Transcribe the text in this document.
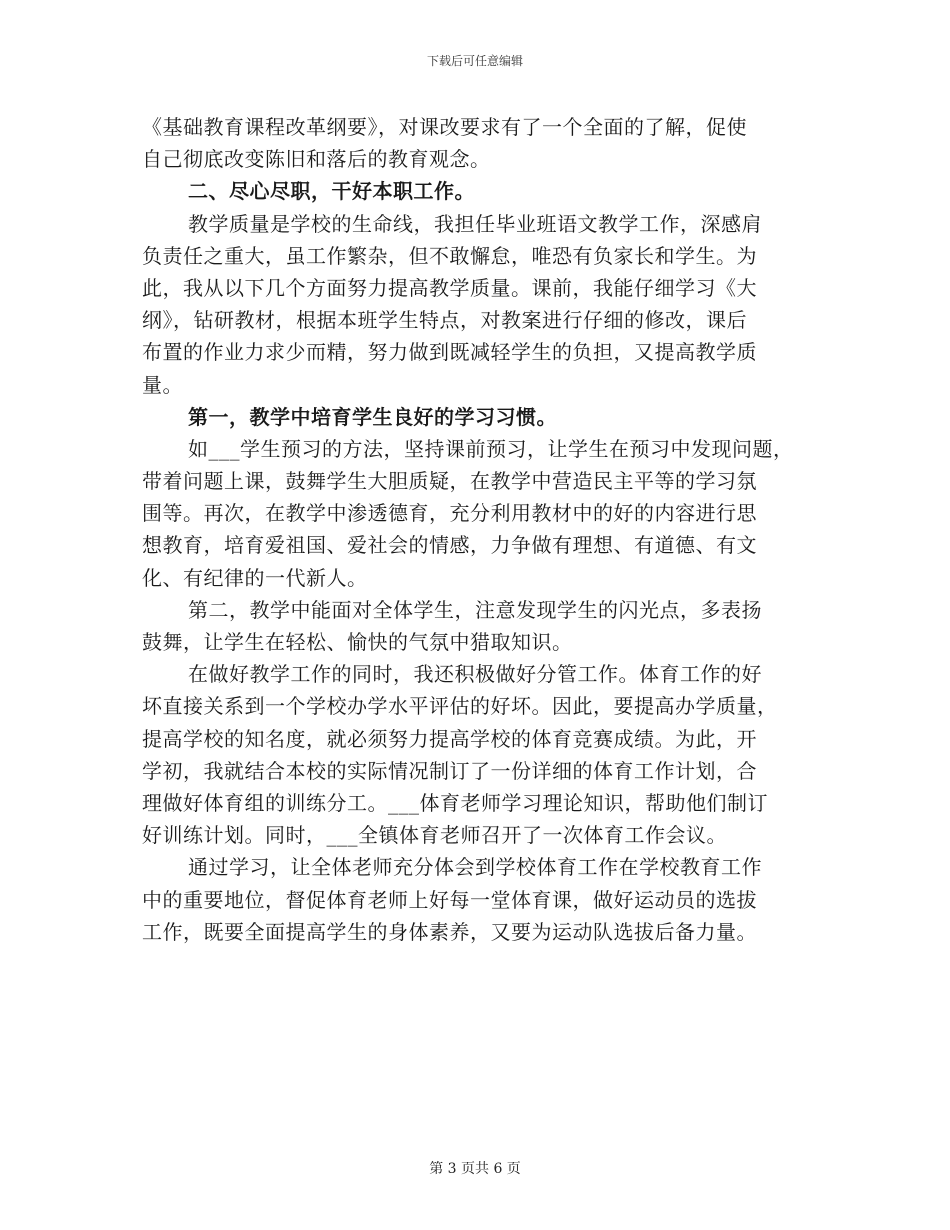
下载后可任意编辑
《基础教育课程改革纲要》，对课改要求有了一个全面的了解，促使
自己彻底改变陈旧和落后的教育观念。
二、尽心尽职，干好本职工作。
教学质量是学校的生命线，我担任毕业班语文教学工作，深感肩
负责任之重大，虽工作繁杂，但不敢懈怠，唯恐有负家长和学生。为
此，我从以下几个方面努力提高教学质量。课前，我能仔细学习《大
纲》，钻研教材，根据本班学生特点，对教案进行仔细的修改，课后
布置的作业力求少而精，努力做到既减轻学生的负担，又提高教学质
量。
第一，教学中培育学生良好的学习习惯。
如___学生预习的方法，坚持课前预习，让学生在预习中发现问题，
带着问题上课，鼓舞学生大胆质疑，在教学中营造民主平等的学习氛
围等。再次，在教学中渗透德育，充分利用教材中的好的内容进行思
想教育，培育爱祖国、爱社会的情感，力争做有理想、有道德、有文
化、有纪律的一代新人。
第二，教学中能面对全体学生，注意发现学生的闪光点，多表扬
鼓舞，让学生在轻松、愉快的气氛中猎取知识。
在做好教学工作的同时，我还积极做好分管工作。体育工作的好
坏直接关系到一个学校办学水平评估的好坏。因此，要提高办学质量，
提高学校的知名度，就必须努力提高学校的体育竞赛成绩。为此，开
学初，我就结合本校的实际情况制订了一份详细的体育工作计划，合
理做好体育组的训练分工。___体育老师学习理论知识，帮助他们制订
好训练计划。同时，___全镇体育老师召开了一次体育工作会议。
通过学习，让全体老师充分体会到学校体育工作在学校教育工作
中的重要地位，督促体育老师上好每一堂体育课，做好运动员的选拔
工作，既要全面提高学生的身体素养，又要为运动队选拔后备力量。
第 3 页共 6 页
